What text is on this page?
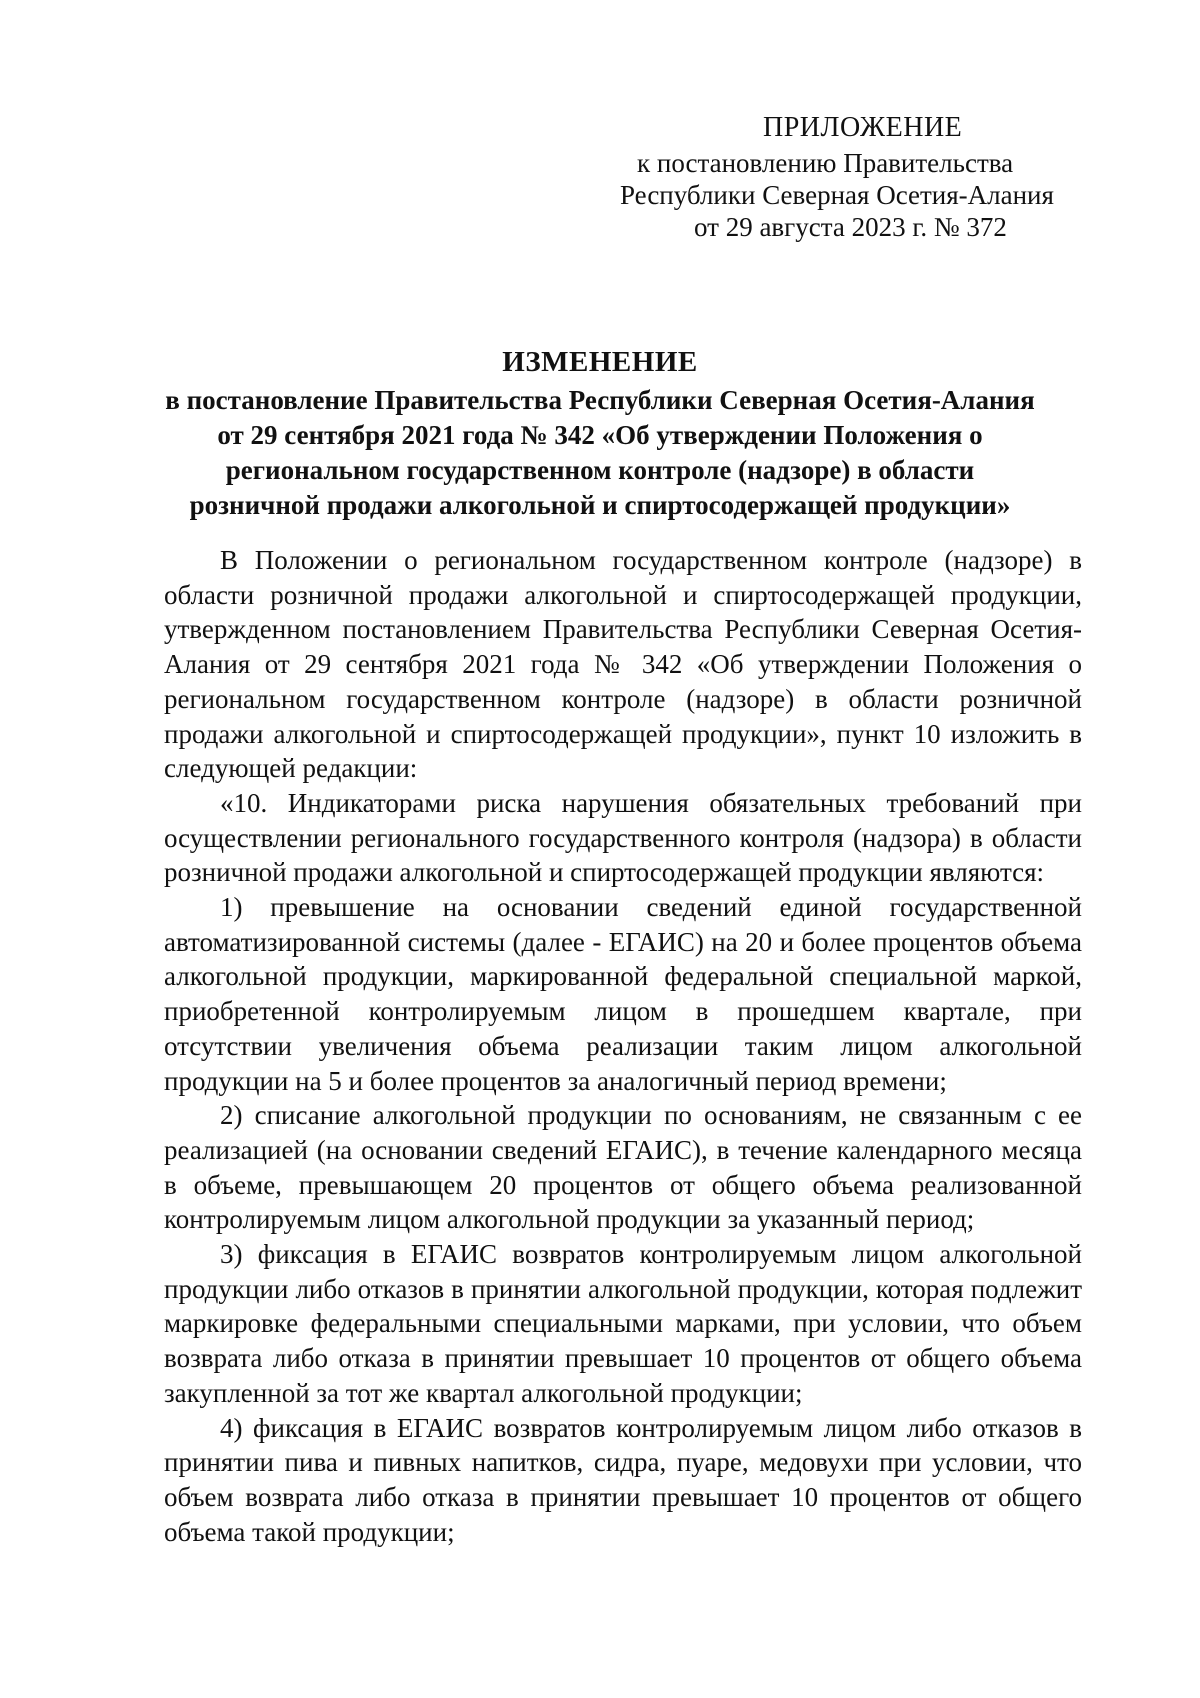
ПРИЛОЖЕНИЕ
к постановлению Правительства
Республики Северная Осетия-Алания
от 29 августа 2023 г. № 372
ИЗМЕНЕНИЕ
в постановление Правительства Республики Северная Осетия-Алания
от 29 сентября 2021 года № 342 «Об утверждении Положения о
региональном государственном контроле (надзоре) в области
розничной продажи алкогольной и спиртосодержащей продукции»

В Положении о региональном государственном контроле (надзоре) в области розничной продажи алкогольной и спиртосодержащей продукции, утвержденном постановлением Правительства Республики Северная Осетия-Алания от 29 сентября 2021 года № 342 «Об утверждении Положения о региональном государственном контроле (надзоре) в области розничной продажи алкогольной и спиртосодержащей продукции», пункт 10 изложить в следующей редакции:

«10. Индикаторами риска нарушения обязательных требований при осуществлении регионального государственного контроля (надзора) в области розничной продажи алкогольной и спиртосодержащей продукции являются:

1) превышение на основании сведений единой государственной автоматизированной системы (далее - ЕГАИС) на 20 и более процентов объема алкогольной продукции, маркированной федеральной специальной маркой, приобретенной контролируемым лицом в прошедшем квартале, при отсутствии увеличения объема реализации таким лицом алкогольной продукции на 5 и более процентов за аналогичный период времени;

2) списание алкогольной продукции по основаниям, не связанным с ее реализацией (на основании сведений ЕГАИС), в течение календарного месяца в объеме, превышающем 20 процентов от общего объема реализованной контролируемым лицом алкогольной продукции за указанный период;

3) фиксация в ЕГАИС возвратов контролируемым лицом алкогольной продукции либо отказов в принятии алкогольной продукции, которая подлежит маркировке федеральными специальными марками, при условии, что объем возврата либо отказа в принятии превышает 10 процентов от общего объема закупленной за тот же квартал алкогольной продукции;

4) фиксация в ЕГАИС возвратов контролируемым лицом либо отказов в принятии пива и пивных напитков, сидра, пуаре, медовухи при условии, что объем возврата либо отказа в принятии превышает 10 процентов от общего объема такой продукции;
